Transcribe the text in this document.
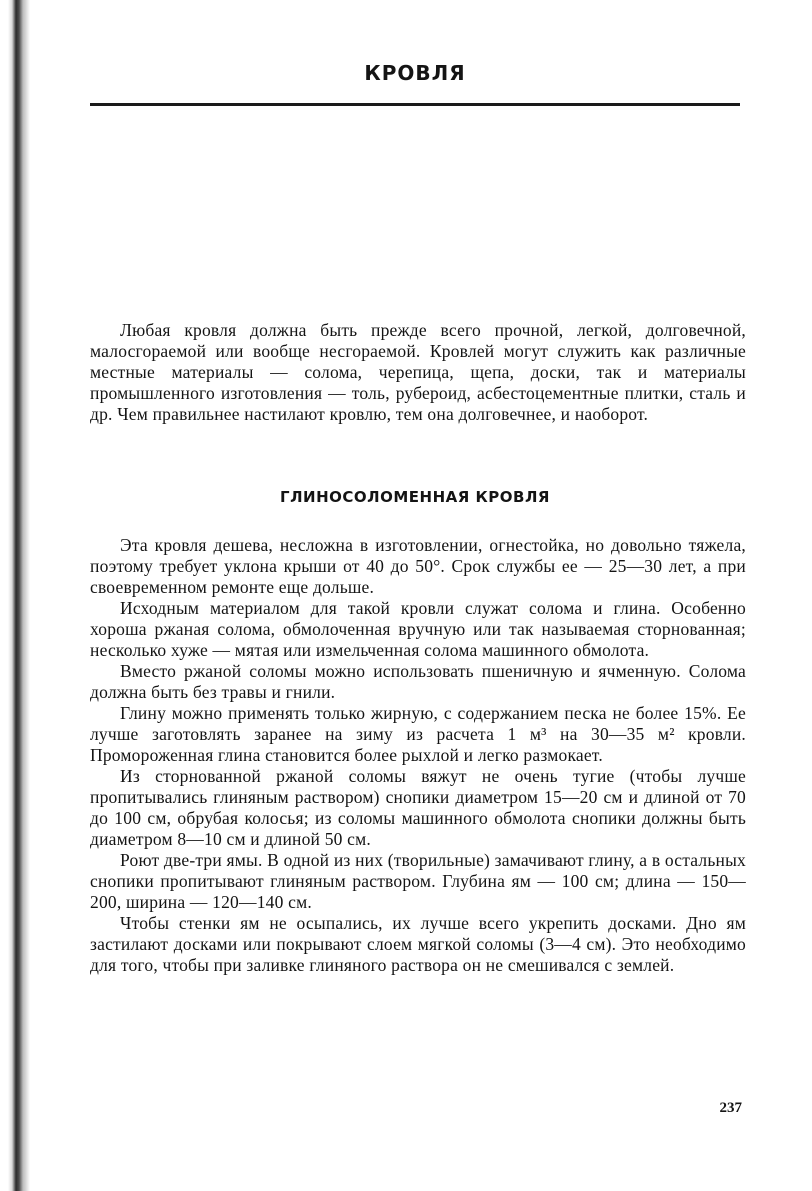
КРОВЛЯ

Любая кровля должна быть прежде всего прочной, легкой, долговечной, малосгораемой или вообще несгораемой. Кровлей могут служить как различные местные материалы — солома, черепица, щепа, доски, так и материалы промышленного изготовления — толь, рубероид, асбестоцементные плитки, сталь и др. Чем правильнее настилают кровлю, тем она долговечнее, и наоборот.

ГЛИНОСОЛОМЕННАЯ КРОВЛЯ

Эта кровля дешева, несложна в изготовлении, огнестойка, но довольно тяжела, поэтому требует уклона крыши от 40 до 50°. Срок службы ее — 25—30 лет, а при своевременном ремонте еще дольше.

Исходным материалом для такой кровли служат солома и глина. Особенно хороша ржаная солома, обмолоченная вручную или так называемая сторнованная; несколько хуже — мятая или измельченная солома машинного обмолота.

Вместо ржаной соломы можно использовать пшеничную и ячменную. Солома должна быть без травы и гнили.

Глину можно применять только жирную, с содержанием песка не более 15%. Ее лучше заготовлять заранее на зиму из расчета 1 м³ на 30—35 м² кровли. Промороженная глина становится более рыхлой и легко размокает.

Из сторнованной ржаной соломы вяжут не очень тугие (чтобы лучше пропитывались глиняным раствором) снопики диаметром 15—20 см и длиной от 70 до 100 см, обрубая колосья; из соломы машинного обмолота снопики должны быть диаметром 8—10 см и длиной 50 см.

Роют две-три ямы. В одной из них (творильные) замачивают глину, а в остальных снопики пропитывают глиняным раствором. Глубина ям — 100 см; длина — 150—200, ширина — 120—140 см.

Чтобы стенки ям не осыпались, их лучше всего укрепить досками. Дно ям застилают досками или покрывают слоем мягкой соломы (3—4 см). Это необходимо для того, чтобы при заливке глиняного раствора он не смешивался с землей.

237
